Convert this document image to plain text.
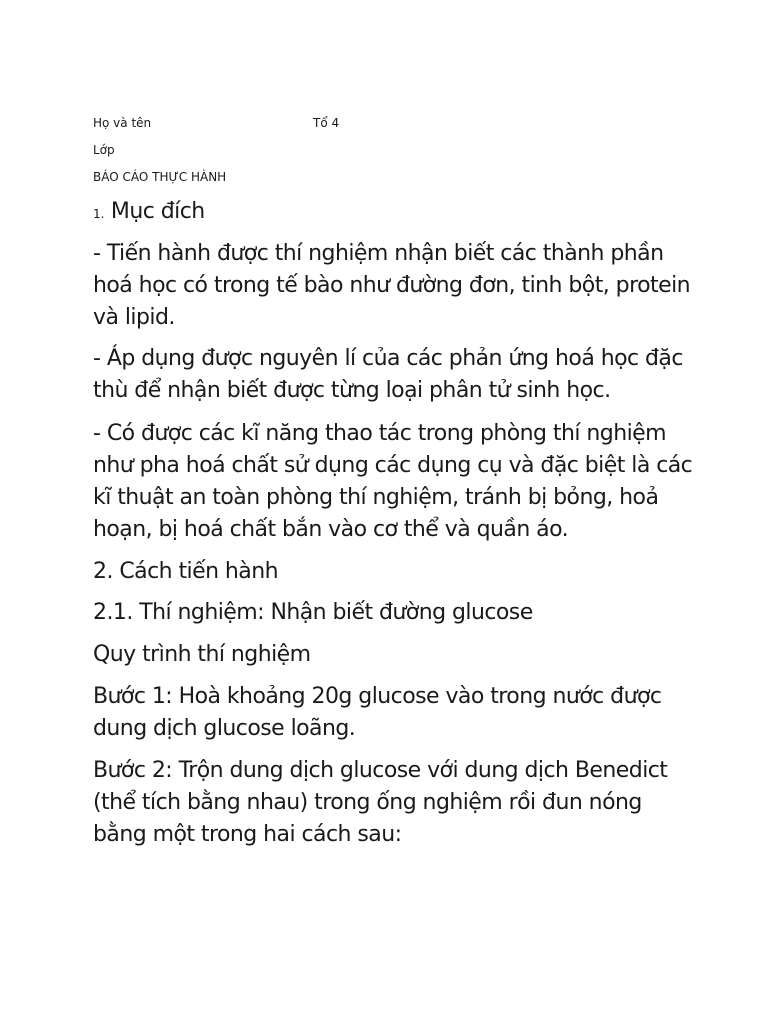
Họ và tên	Tổ 4
Lớp
BÁO CÁO THỰC HÀNH

1. Mục đích

- Tiến hành được thí nghiệm nhận biết các thành phần hoá học có trong tế bào như đường đơn, tinh bột, protein và lipid.

- Áp dụng được nguyên lí của các phản ứng hoá học đặc thù để nhận biết được từng loại phân tử sinh học.

- Có được các kĩ năng thao tác trong phòng thí nghiệm như pha hoá chất sử dụng các dụng cụ và đặc biệt là các kĩ thuật an toàn phòng thí nghiệm, tránh bị bỏng, hoả hoạn, bị hoá chất bắn vào cơ thể và quần áo.

2. Cách tiến hành

2.1. Thí nghiệm: Nhận biết đường glucose

Quy trình thí nghiệm

Bước 1: Hoà khoảng 20g glucose vào trong nước được dung dịch glucose loãng.

Bước 2: Trộn dung dịch glucose với dung dịch Benedict (thể tích bằng nhau) trong ống nghiệm rồi đun nóng bằng một trong hai cách sau:
